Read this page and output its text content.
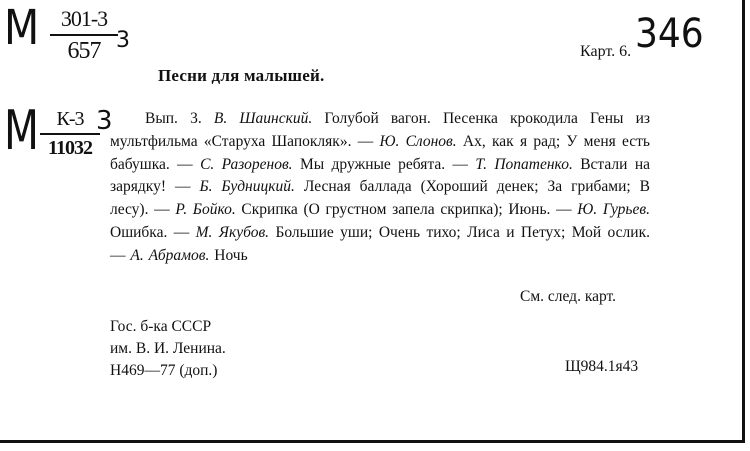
М $\frac{301-3}{657}$
3
М К-3
11032
3
Карт. 6. 346
Песни для малышей.
Вып. 3. В. Шаинский. Голубой вагон. Песенка крокодила Гены из мультфильма «Старуха Шапокляк». — Ю. Слонов. Ах, как я рад; У меня есть бабушка. — С. Разоренов. Мы дружные ребята. — Т. Попатенко. Встали на зарядку! — Б. Будницкий. Лесная баллада (Хороший денек; За грибами; В лесу). — Р. Бойко. Скрипка (О грустном запела скрипка); Июнь. — Ю. Гурьев. Ошибка. — М. Якубов. Большие уши; Очень тихо; Лиса и Петух; Мой ослик. — А. Абрамов. Ночь
См. след. карт.
Гос. б-ка СССР
им. В. И. Ленина.
Н469—77 (доп.)	Щ984.1я43
